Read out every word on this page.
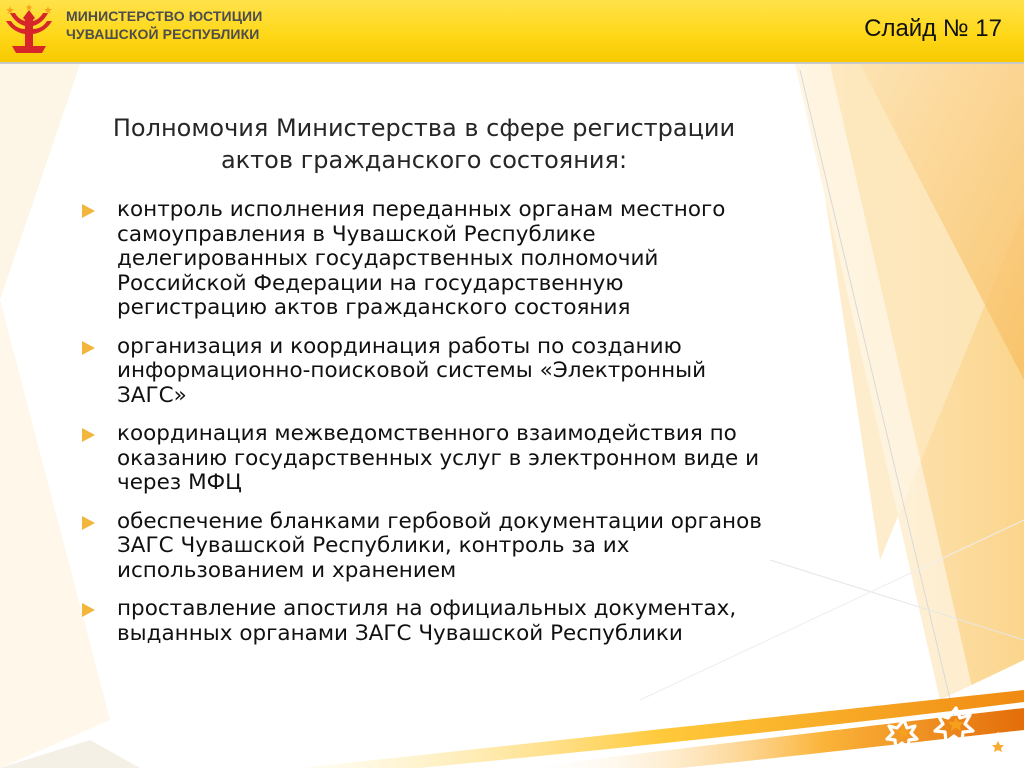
МИНИСТЕРСТВО ЮСТИЦИИ
ЧУВАШСКОЙ РЕСПУБЛИКИ	Слайд № 17
Полномочия Министерства в сфере регистрации
актов гражданского состояния:
контроль исполнения переданных органам местного самоуправления в Чувашской Республике делегированных государственных полномочий Российской Федерации на государственную регистрацию актов гражданского состояния
организация и координация работы по созданию информационно-поисковой системы «Электронный ЗАГС»
координация межведомственного взаимодействия по оказанию государственных услуг в электронном виде и через МФЦ
обеспечение бланками гербовой документации органов ЗАГС Чувашской Республики, контроль за их использованием и хранением
проставление апостиля на официальных документах, выданных органами ЗАГС Чувашской Республики
